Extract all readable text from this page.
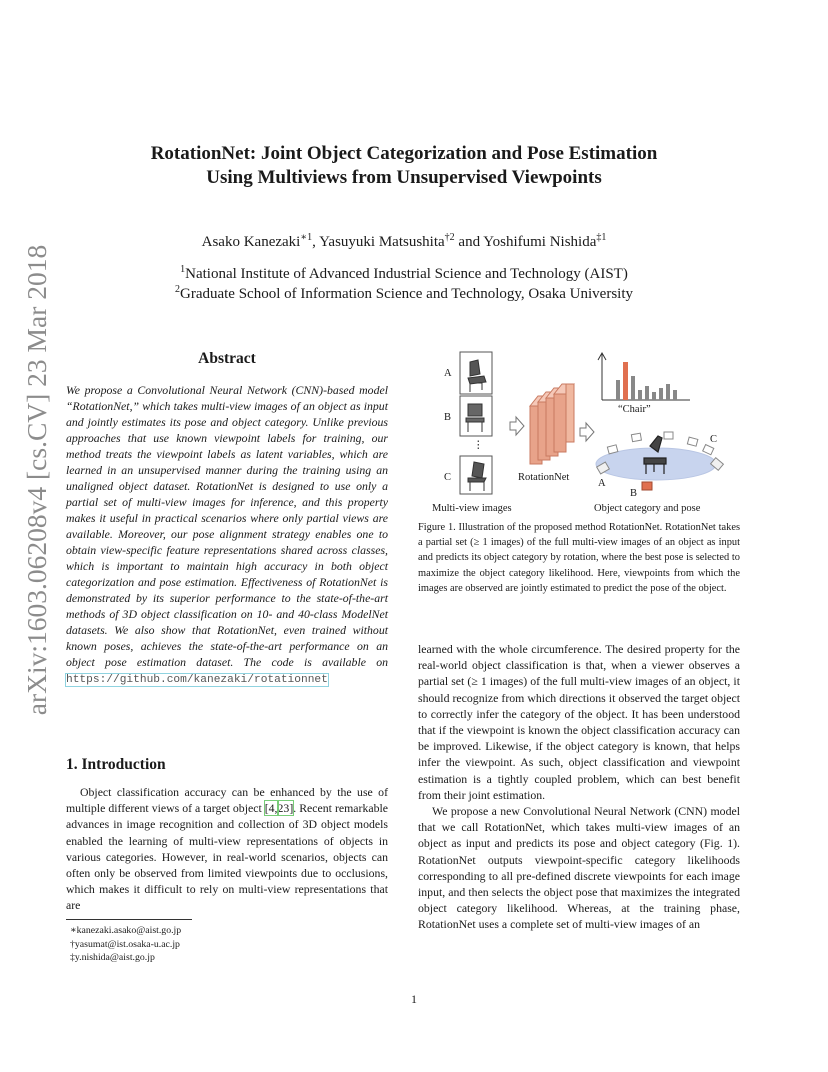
arXiv:1603.06208v4 [cs.CV] 23 Mar 2018
RotationNet: Joint Object Categorization and Pose Estimation
Using Multiviews from Unsupervised Viewpoints
Asako Kanezaki$^{∗1}$, Yasuyuki Matsushita$^{\dagger 2}$ and Yoshifumi Nishida$^{\ddagger 1}$
$^1$National Institute of Advanced Industrial Science and Technology (AIST)
$^2$Graduate School of Information Science and Technology, Osaka University
Abstract
We propose a Convolutional Neural Network (CNN)-based model “RotationNet,” which takes multi-view images of an object as input and jointly estimates its pose and object category. Unlike previous approaches that use known viewpoint labels for training, our method treats the viewpoint labels as latent variables, which are learned in an unsupervised manner during the training using an unaligned object dataset. RotationNet is designed to use only a partial set of multi-view images for inference, and this property makes it useful in practical scenarios where only partial views are available. Moreover, our pose alignment strategy enables one to obtain view-specific feature representations shared across classes, which is important to maintain high accuracy in both object categorization and pose estimation. Effectiveness of RotationNet is demonstrated by its superior performance to the state-of-the-art methods of 3D object classification on 10- and 40-class ModelNet datasets. We also show that RotationNet, even trained without known poses, achieves the state-of-the-art performance on an object pose estimation dataset. The code is available on https://github.com/kanezaki/rotationnet
1. Introduction

Object classification accuracy can be enhanced by the use of multiple different views of a target object [4,23]. Recent remarkable advances in image recognition and collection of 3D object models enabled the learning of multi-view representations of objects in various categories. However, in real-world scenarios, objects can often only be observed from limited viewpoints due to occlusions, which makes it difficult to rely on multi-view representations that are

∗kanezaki.asako@aist.go.jp
†yasumat@ist.osaka-u.ac.jp
‡y.nishida@aist.go.jp
A
B
⋮
C	RotationNet
“Chair”
C
A
B
Multi-view images	Object category and pose
Figure 1. Illustration of the proposed method RotationNet. RotationNet takes a partial set (≥ 1 images) of the full multi-view images of an object as input and predicts its object category by rotation, where the best pose is selected to maximize the object category likelihood. Here, viewpoints from which the images are observed are jointly estimated to predict the pose of the object.

learned with the whole circumference. The desired property for the real-world object classification is that, when a viewer observes a partial set (≥ 1 images) of the full multi-view images of an object, it should recognize from which directions it observed the target object to correctly infer the category of the object. It has been understood that if the viewpoint is known the object classification accuracy can be improved. Likewise, if the object category is known, that helps infer the viewpoint. As such, object classification and viewpoint estimation is a tightly coupled problem, which can best benefit from their joint estimation.

We propose a new Convolutional Neural Network (CNN) model that we call RotationNet, which takes multi-view images of an object as input and predicts its pose and object category (Fig. 1). RotationNet outputs viewpoint-specific category likelihoods corresponding to all pre-defined discrete viewpoints for each image input, and then selects the object pose that maximizes the integrated object category likelihood. Whereas, at the training phase, RotationNet uses a complete set of multi-view images of an

1
